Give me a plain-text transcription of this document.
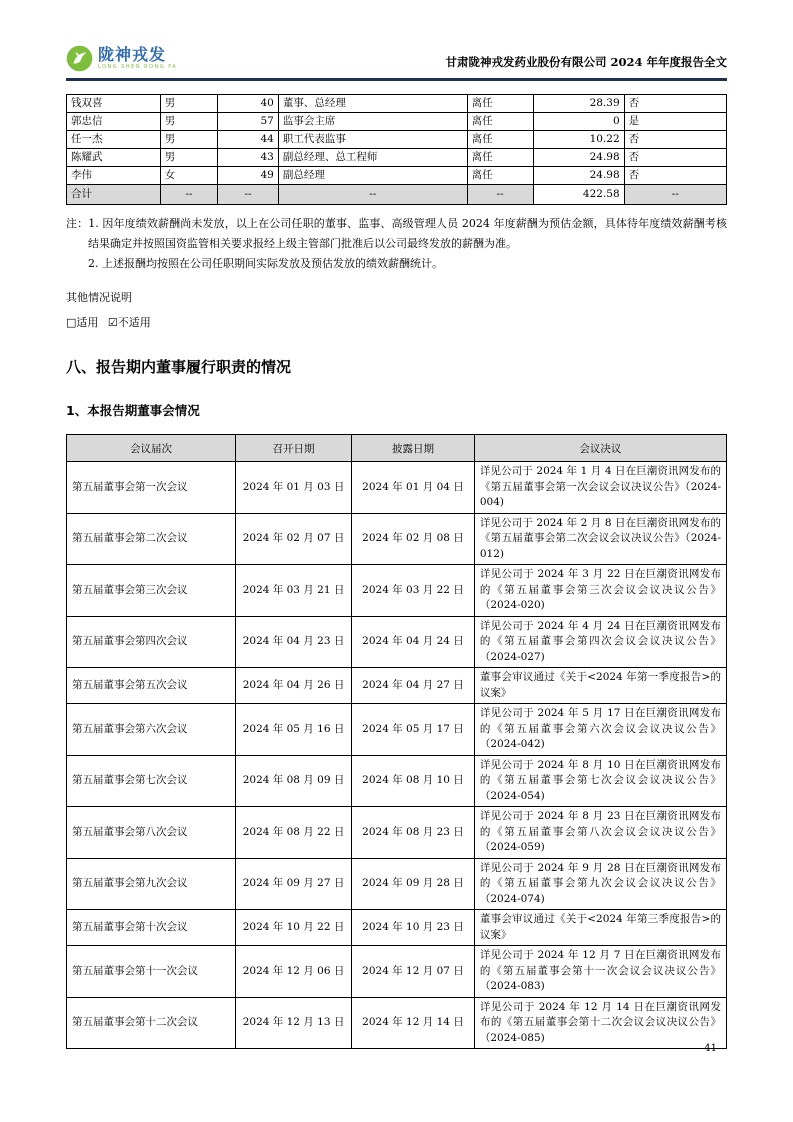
陇神戎发
LONG SHEN RONG FA	甘肃陇神戎发药业股份有限公司 2024 年年度报告全文
钱双喜	男	40	董事、总经理	离任	28.39	否
郭忠信	男	57	监事会主席	离任	0	是
任一杰	男	44	职工代表监事	离任	10.22	否
陈耀武	男	43	副总经理、总工程师	离任	24.98	否
李伟	女	49	副总经理	离任	24.98	否
合计	--	--	--	--	422.58	--

注：1. 因年度绩效薪酬尚未发放，以上在公司任职的董事、监事、高级管理人员 2024 年度薪酬为预估金额，具体待年度绩效薪酬考核结果确定并按照国资监管相关要求报经上级主管部门批准后以公司最终发放的薪酬为准。

2. 上述报酬均按照在公司任职期间实际发放及预估发放的绩效薪酬统计。

其他情况说明
□适用 ☑不适用
八、报告期内董事履行职责的情况
1、本报告期董事会情况
会议届次	召开日期	披露日期	会议决议
第五届董事会第一次会议	2024 年 01 月 03 日	2024 年 01 月 04 日	详见公司于 2024 年 1 月 4 日在巨潮资讯网发布的《第五届董事会第一次会议会议决议公告》（2024-004)
第五届董事会第二次会议	2024 年 02 月 07 日	2024 年 02 月 08 日	详见公司于 2024 年 2 月 8 日在巨潮资讯网发布的《第五届董事会第二次会议会议决议公告》（2024-012)
第五届董事会第三次会议	2024 年 03 月 21 日	2024 年 03 月 22 日	详见公司于 2024 年 3 月 22 日在巨潮资讯网发布的《第五届董事会第三次会议会议决议公告》（2024-020)
第五届董事会第四次会议	2024 年 04 月 23 日	2024 年 04 月 24 日	详见公司于 2024 年 4 月 24 日在巨潮资讯网发布的《第五届董事会第四次会议会议决议公告》（2024-027)
第五届董事会第五次会议	2024 年 04 月 26 日	2024 年 04 月 27 日	董事会审议通过《关于<2024 年第一季度报告>的议案》
第五届董事会第六次会议	2024 年 05 月 16 日	2024 年 05 月 17 日	详见公司于 2024 年 5 月 17 日在巨潮资讯网发布的《第五届董事会第六次会议会议决议公告》（2024-042)
第五届董事会第七次会议	2024 年 08 月 09 日	2024 年 08 月 10 日	详见公司于 2024 年 8 月 10 日在巨潮资讯网发布的《第五届董事会第七次会议会议决议公告》（2024-054)
第五届董事会第八次会议	2024 年 08 月 22 日	2024 年 08 月 23 日	详见公司于 2024 年 8 月 23 日在巨潮资讯网发布的《第五届董事会第八次会议会议决议公告》（2024-059)
第五届董事会第九次会议	2024 年 09 月 27 日	2024 年 09 月 28 日	详见公司于 2024 年 9 月 28 日在巨潮资讯网发布的《第五届董事会第九次会议会议决议公告》（2024-074)
第五届董事会第十次会议	2024 年 10 月 22 日	2024 年 10 月 23 日	董事会审议通过《关于<2024 年第三季度报告>的议案》
第五届董事会第十一次会议	2024 年 12 月 06 日	2024 年 12 月 07 日	详见公司于 2024 年 12 月 7 日在巨潮资讯网发布的《第五届董事会第十一次会议会议决议公告》（2024-083)
第五届董事会第十二次会议	2024 年 12 月 13 日	2024 年 12 月 14 日	详见公司于 2024 年 12 月 14 日在巨潮资讯网发布的《第五届董事会第十二次会议会议决议公告》（2024-085)
41
